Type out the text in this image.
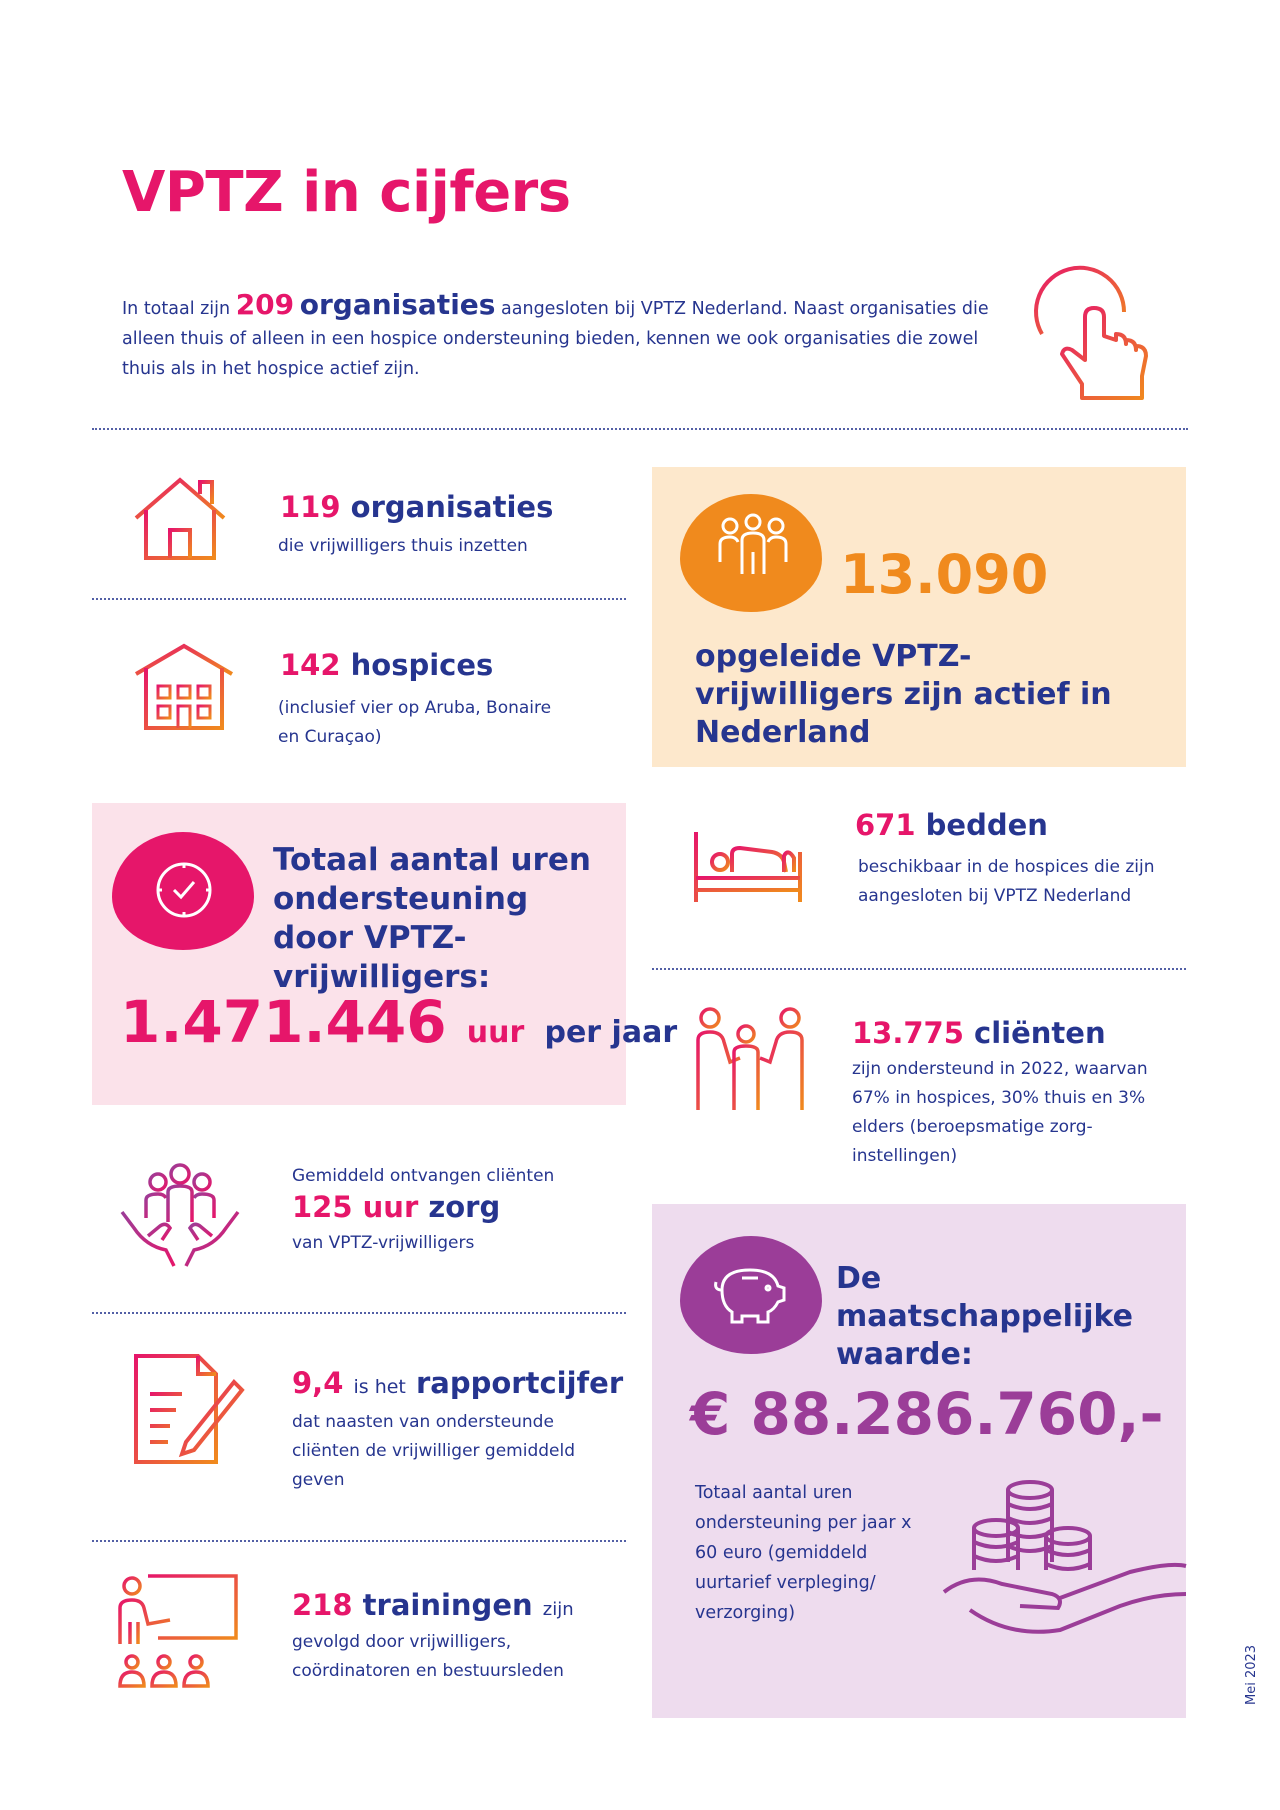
VPTZ in cijfers
In totaal zijn 209 organisaties aangesloten bij VPTZ Nederland. Naast organisaties die alleen thuis of alleen in een hospice ondersteuning bieden, kennen we ook organisaties die zowel thuis als in het hospice actief zijn.
119 organisaties
die vrijwilligers thuis inzetten
142 hospices
(inclusief vier op Aruba, Bonaire en Curaçao)
13.090
opgeleide VPTZ-vrijwilligers zijn actief in Nederland
Totaal aantal uren ondersteuning door VPTZ-vrijwilligers:
1.471.446 uur per jaar
671 bedden
beschikbaar in de hospices die zijn aangesloten bij VPTZ Nederland
13.775 cliënten
zijn ondersteund in 2022, waarvan 67% in hospices, 30% thuis en 3% elders (beroepsmatige zorg-instellingen)
Gemiddeld ontvangen cliënten
125 uur zorg
van VPTZ-vrijwilligers
9,4 is het rapportcijfer
dat naasten van ondersteunde cliënten de vrijwilliger gemiddeld geven
218 trainingen zijn
gevolgd door vrijwilligers, coördinatoren en bestuursleden
De maatschappelijke waarde:
€ 88.286.760,-
Totaal aantal uren ondersteuning per jaar x 60 euro (gemiddeld uurtarief verpleging/ verzorging)
Mei 2023
